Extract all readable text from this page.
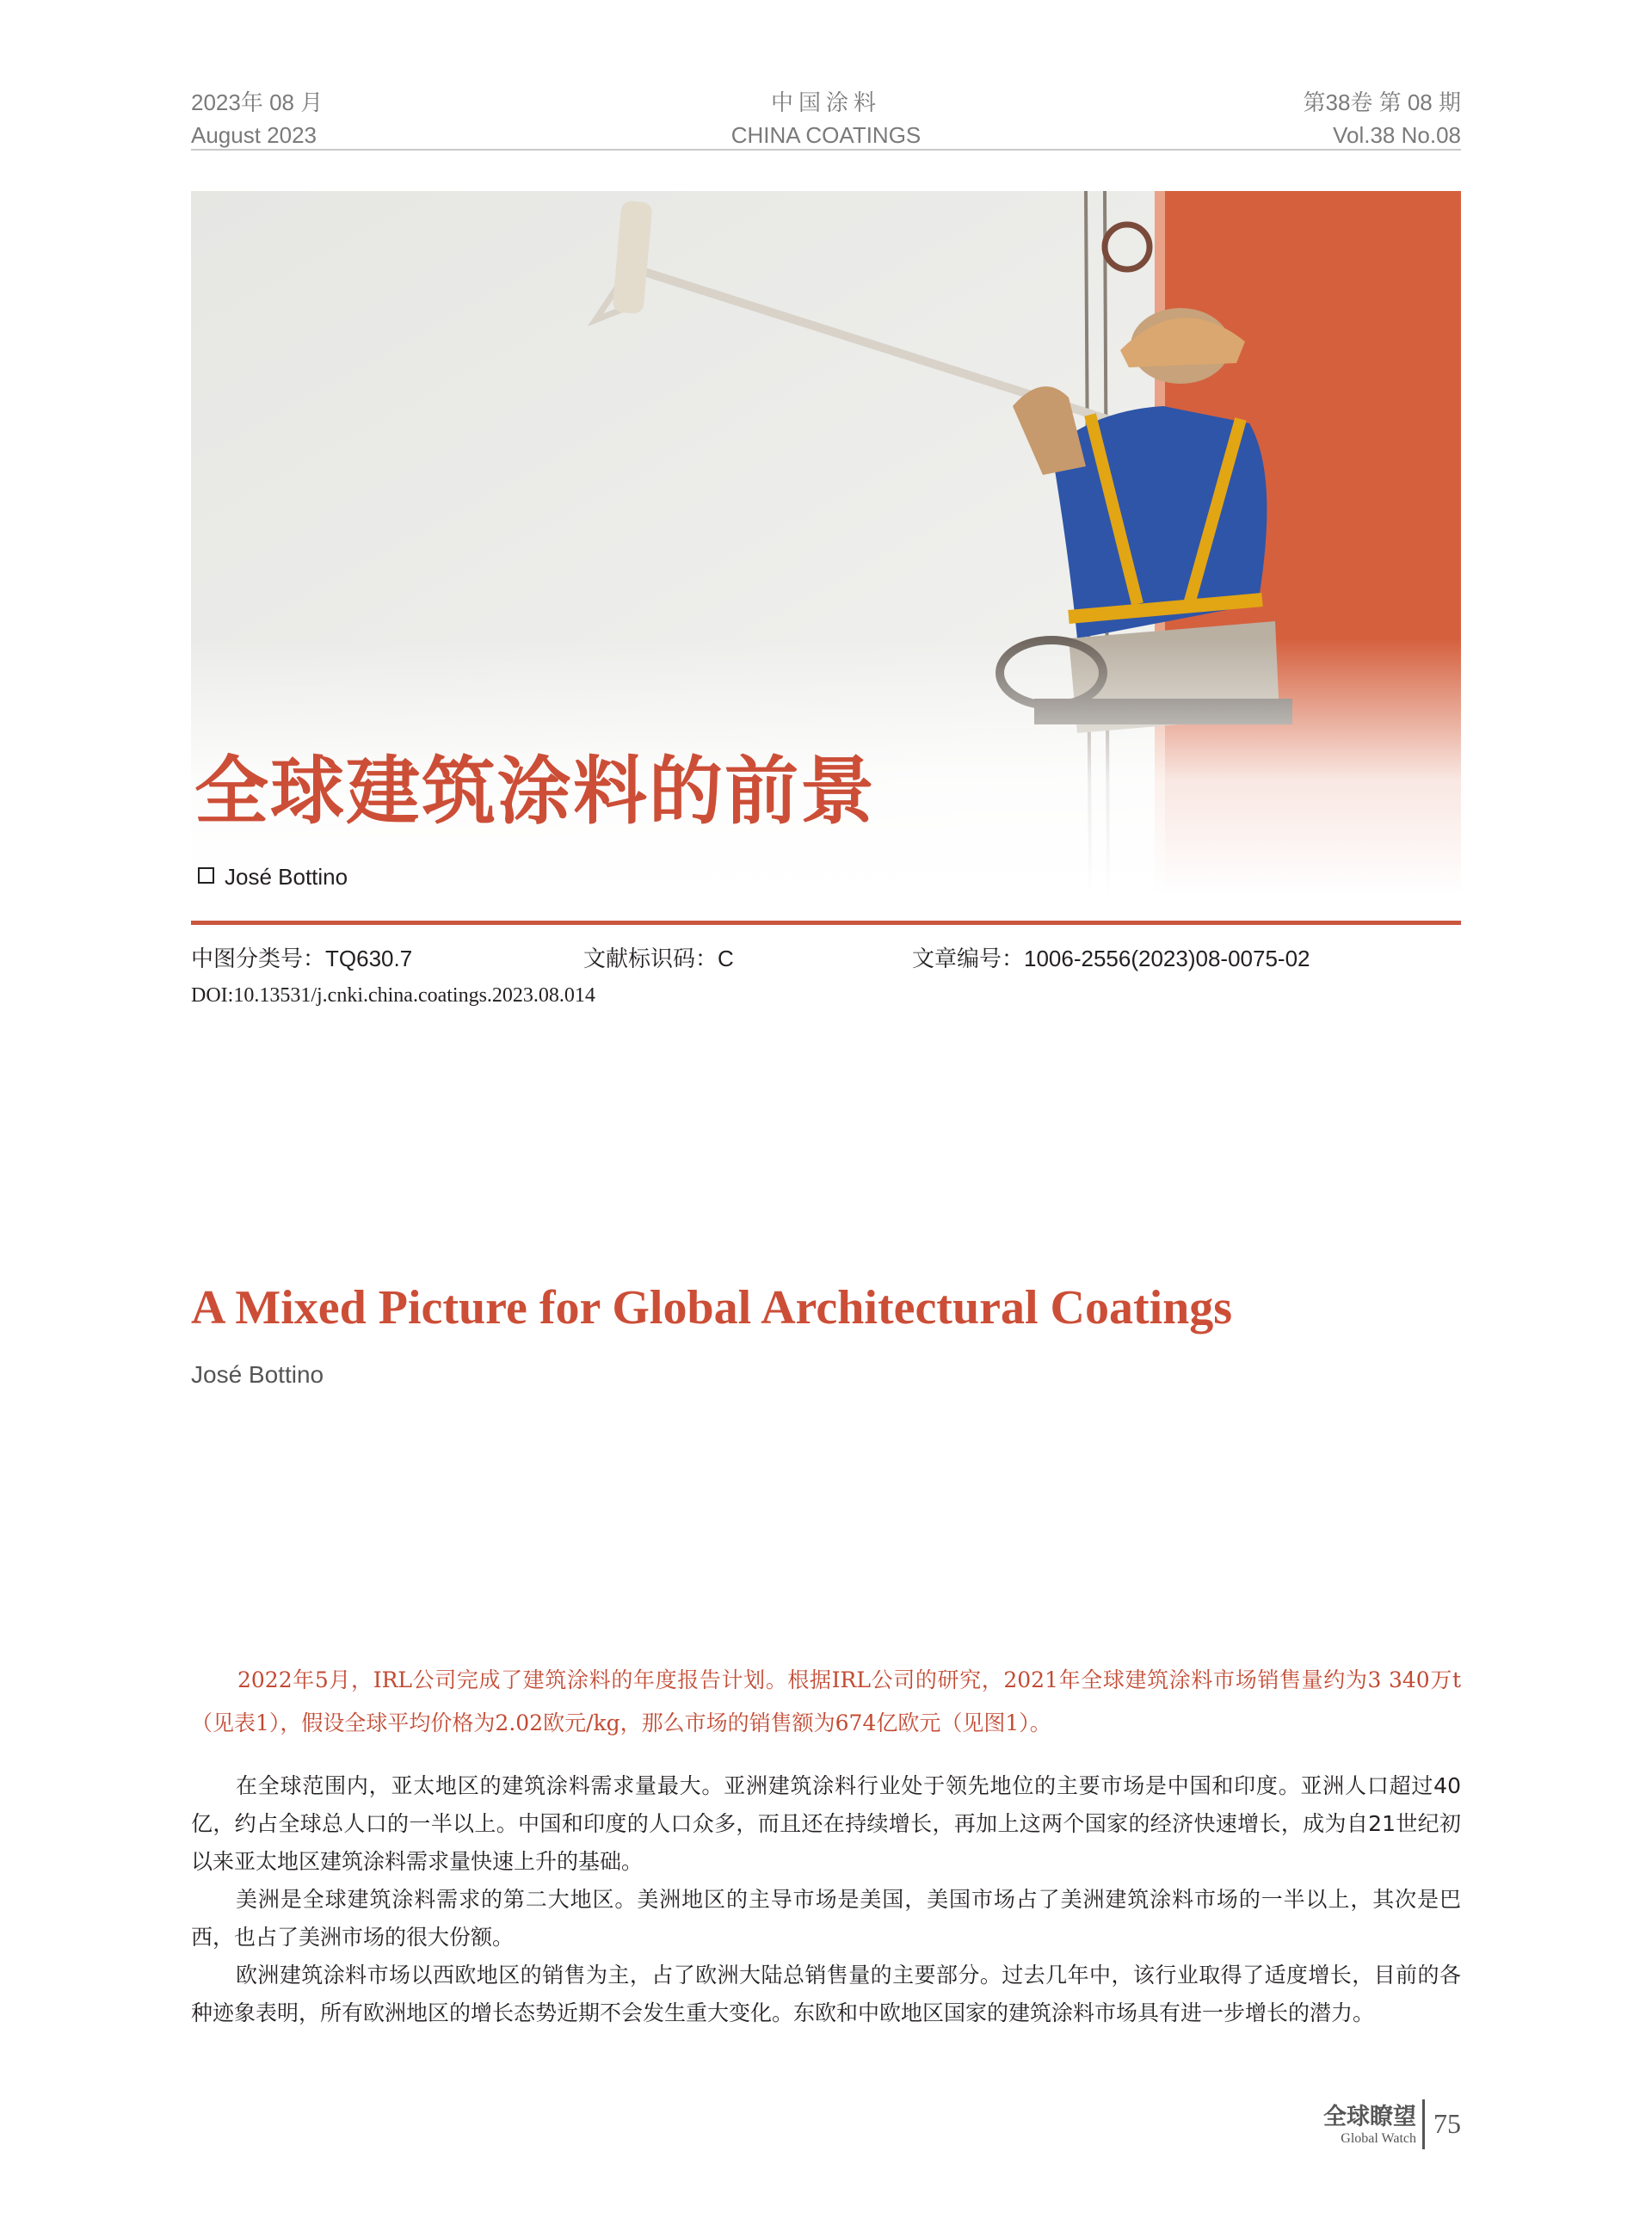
2023年 08 月
August 2023
中国涂料
CHINA COATINGS
第38卷 第 08 期
Vol.38 No.08
全球建筑涂料的前景
José Bottino
中图分类号：TQ630.7	文献标识码：C	文章编号：1006-2556(2023)08-0075-02
DOI:10.13531/j.cnki.china.coatings.2023.08.014
A Mixed Picture for Global Architectural Coatings
José Bottino
2022年5月，IRL公司完成了建筑涂料的年度报告计划。根据IRL公司的研究，2021年全球建筑涂料市场销售量约为3 340万t（见表1），假设全球平均价格为2.02欧元/kg，那么市场的销售额为674亿欧元（见图1）。

在全球范围内，亚太地区的建筑涂料需求量最大。亚洲建筑涂料行业处于领先地位的主要市场是中国和印度。亚洲人口超过40亿，约占全球总人口的一半以上。中国和印度的人口众多，而且还在持续增长，再加上这两个国家的经济快速增长，成为自21世纪初以来亚太地区建筑涂料需求量快速上升的基础。

美洲是全球建筑涂料需求的第二大地区。美洲地区的主导市场是美国，美国市场占了美洲建筑涂料市场的一半以上，其次是巴西，也占了美洲市场的很大份额。

欧洲建筑涂料市场以西欧地区的销售为主，占了欧洲大陆总销售量的主要部分。过去几年中，该行业取得了适度增长，目前的各种迹象表明，所有欧洲地区的增长态势近期不会发生重大变化。东欧和中欧地区国家的建筑涂料市场具有进一步增长的潜力。

全球瞭望
Global Watch 75
